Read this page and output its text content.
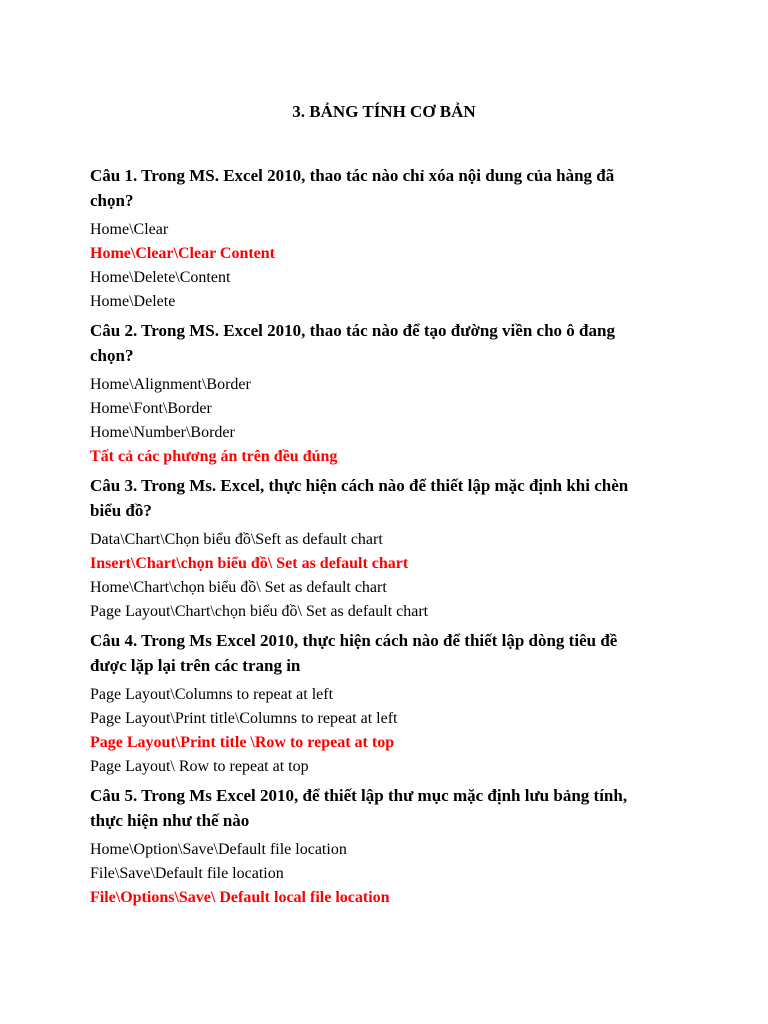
3. BẢNG TÍNH CƠ BẢN

Câu 1. Trong MS. Excel 2010, thao tác nào chỉ xóa nội dung của hàng đã chọn?

Home\Clear

Home\Clear\Clear Content

Home\Delete\Content

Home\Delete

Câu 2. Trong MS. Excel 2010, thao tác nào để tạo đường viền cho ô đang chọn?

Home\Alignment\Border

Home\Font\Border

Home\Number\Border

Tất cả các phương án trên đều đúng

Câu 3. Trong Ms. Excel, thực hiện cách nào để thiết lập mặc định khi chèn biểu đồ?

Data\Chart\Chọn biểu đồ\Seft as default chart

Insert\Chart\chọn biểu đồ\ Set as default chart

Home\Chart\chọn biểu đồ\ Set as default chart

Page Layout\Chart\chọn biểu đồ\ Set as default chart

Câu 4. Trong Ms Excel 2010, thực hiện cách nào để thiết lập dòng tiêu đề được lặp lại trên các trang in

Page Layout\Columns to repeat at left

Page Layout\Print title\Columns to repeat at left

Page Layout\Print title \Row to repeat at top

Page Layout\ Row to repeat at top

Câu 5. Trong Ms Excel 2010, để thiết lập thư mục mặc định lưu bảng tính, thực hiện như thế nào

Home\Option\Save\Default file location

File\Save\Default file location

File\Options\Save\ Default local file location
